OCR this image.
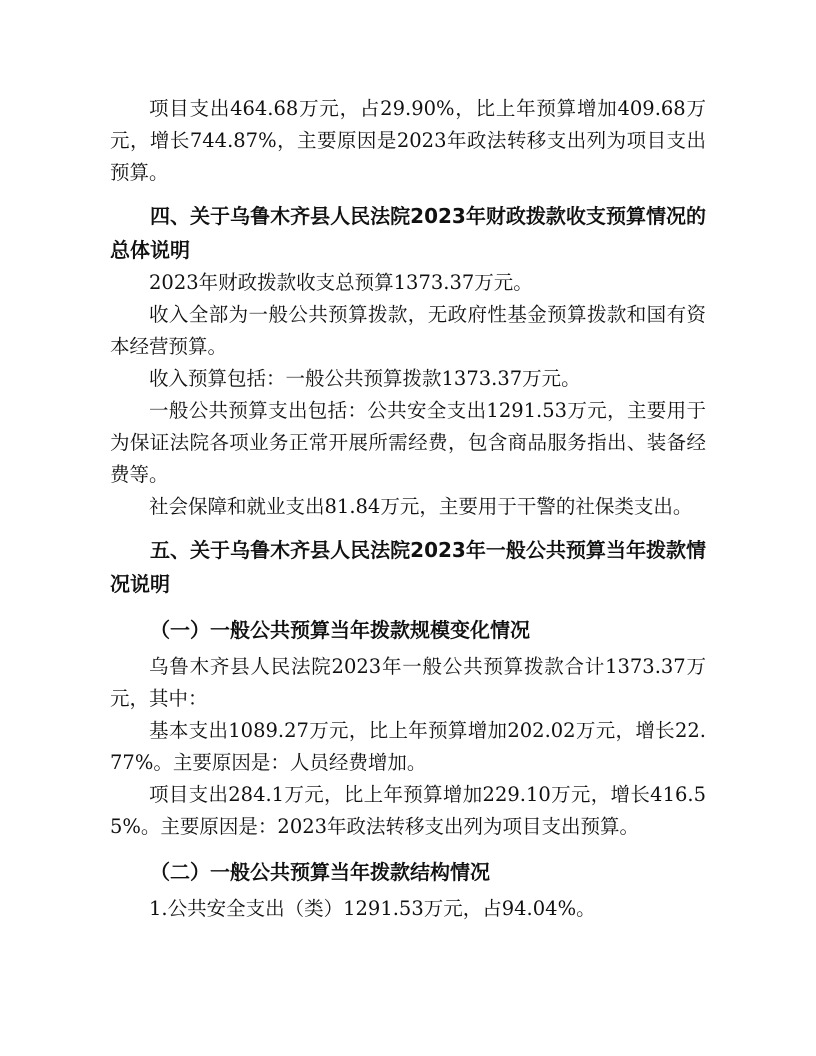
项目支出464.68万元，占29.90%，比上年预算增加409.68万元，增长744.87%，主要原因是2023年政法转移支出列为项目支出预算。

四、关于乌鲁木齐县人民法院2023年财政拨款收支预算情况的总体说明

2023年财政拨款收支总预算1373.37万元。

收入全部为一般公共预算拨款，无政府性基金预算拨款和国有资本经营预算。

收入预算包括：一般公共预算拨款1373.37万元。

一般公共预算支出包括：公共安全支出1291.53万元，主要用于为保证法院各项业务正常开展所需经费，包含商品服务指出、装备经费等。

社会保障和就业支出81.84万元，主要用于干警的社保类支出。

五、关于乌鲁木齐县人民法院2023年一般公共预算当年拨款情况说明

（一）一般公共预算当年拨款规模变化情况

乌鲁木齐县人民法院2023年一般公共预算拨款合计1373.37万元，其中：

基本支出1089.27万元，比上年预算增加202.02万元，增长22.77%。主要原因是：人员经费增加。

项目支出284.1万元，比上年预算增加229.10万元，增长416.55%。主要原因是：2023年政法转移支出列为项目支出预算。

（二）一般公共预算当年拨款结构情况

1.公共安全支出（类）1291.53万元，占94.04%。
